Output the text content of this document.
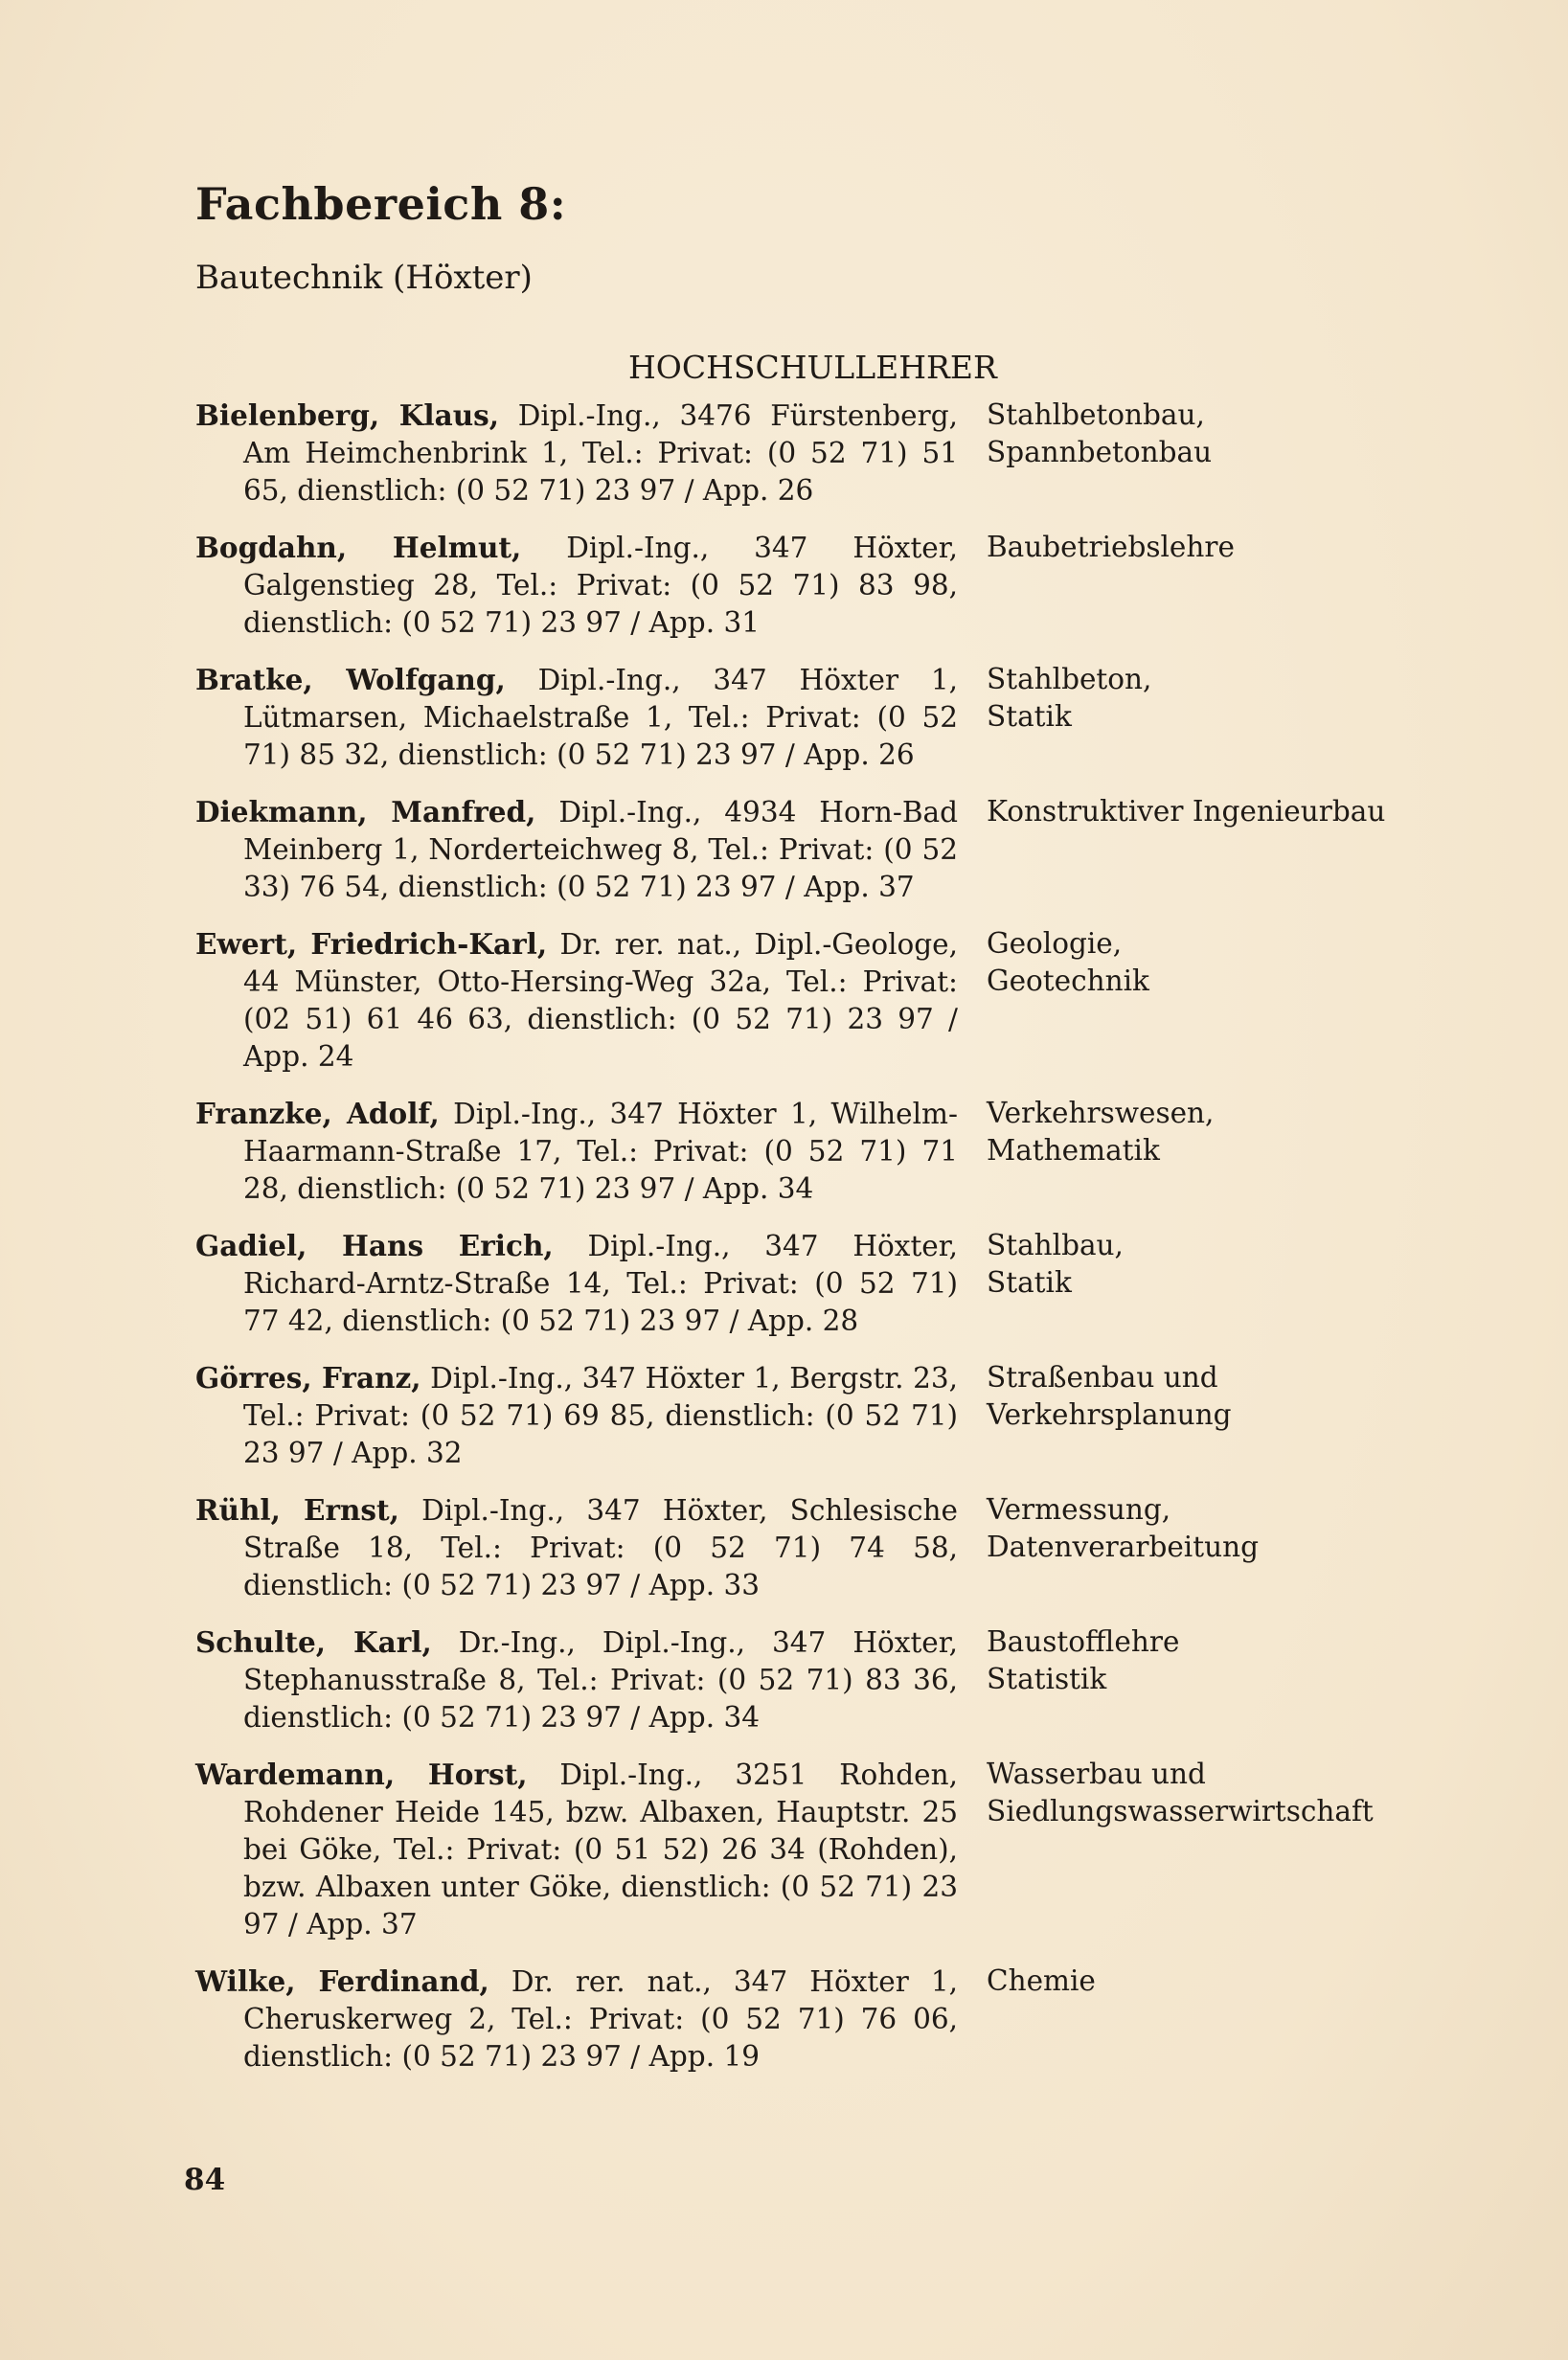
Fachbereich 8:
Bautechnik (Höxter)
HOCHSCHULLEHRER
Bielenberg, Klaus, Dipl.-Ing., 3476 Fürstenberg, Am Heimchenbrink 1, Tel.: Privat: (0 52 71) 51 65, dienstlich: (0 52 71) 23 97 / App. 26
Stahlbetonbau,
Spannbetonbau
Bogdahn, Helmut, Dipl.-Ing., 347 Höxter, Galgenstieg 28, Tel.: Privat: (0 52 71) 83 98, dienstlich: (0 52 71) 23 97 / App. 31
Baubetriebslehre
Bratke, Wolfgang, Dipl.-Ing., 347 Höxter 1, Lütmarsen, Michaelstraße 1, Tel.: Privat: (0 52 71) 85 32, dienstlich: (0 52 71) 23 97 / App. 26
Stahlbeton,
Statik
Diekmann, Manfred, Dipl.-Ing., 4934 Horn-Bad Meinberg 1, Norderteichweg 8, Tel.: Privat: (0 52 33) 76 54, dienstlich: (0 52 71) 23 97 / App. 37
Konstruktiver Ingenieurbau
Ewert, Friedrich-Karl, Dr. rer. nat., Dipl.-Geologe, 44 Münster, Otto-Hersing-Weg 32a, Tel.: Privat: (02 51) 61 46 63, dienstlich: (0 52 71) 23 97 / App. 24
Geologie,
Geotechnik
Franzke, Adolf, Dipl.-Ing., 347 Höxter 1, Wilhelm-Haarmann-Straße 17, Tel.: Privat: (0 52 71) 71 28, dienstlich: (0 52 71) 23 97 / App. 34
Verkehrswesen,
Mathematik
Gadiel, Hans Erich, Dipl.-Ing., 347 Höxter, Richard-Arntz-Straße 14, Tel.: Privat: (0 52 71) 77 42, dienstlich: (0 52 71) 23 97 / App. 28
Stahlbau,
Statik
Görres, Franz, Dipl.-Ing., 347 Höxter 1, Bergstr. 23, Tel.: Privat: (0 52 71) 69 85, dienstlich: (0 52 71) 23 97 / App. 32
Straßenbau und
Verkehrsplanung
Rühl, Ernst, Dipl.-Ing., 347 Höxter, Schlesische Straße 18, Tel.: Privat: (0 52 71) 74 58, dienstlich: (0 52 71) 23 97 / App. 33
Vermessung,
Datenverarbeitung
Schulte, Karl, Dr.-Ing., Dipl.-Ing., 347 Höxter, Stephanusstraße 8, Tel.: Privat: (0 52 71) 83 36, dienstlich: (0 52 71) 23 97 / App. 34
Baustofflehre
Statistik
Wardemann, Horst, Dipl.-Ing., 3251 Rohden, Rohdener Heide 145, bzw. Albaxen, Hauptstr. 25 bei Göke, Tel.: Privat: (0 51 52) 26 34 (Rohden), bzw. Albaxen unter Göke, dienstlich: (0 52 71) 23 97 / App. 37
Wasserbau und
Siedlungswasserwirtschaft
Wilke, Ferdinand, Dr. rer. nat., 347 Höxter 1, Cheruskerweg 2, Tel.: Privat: (0 52 71) 76 06, dienstlich: (0 52 71) 23 97 / App. 19
Chemie
84
